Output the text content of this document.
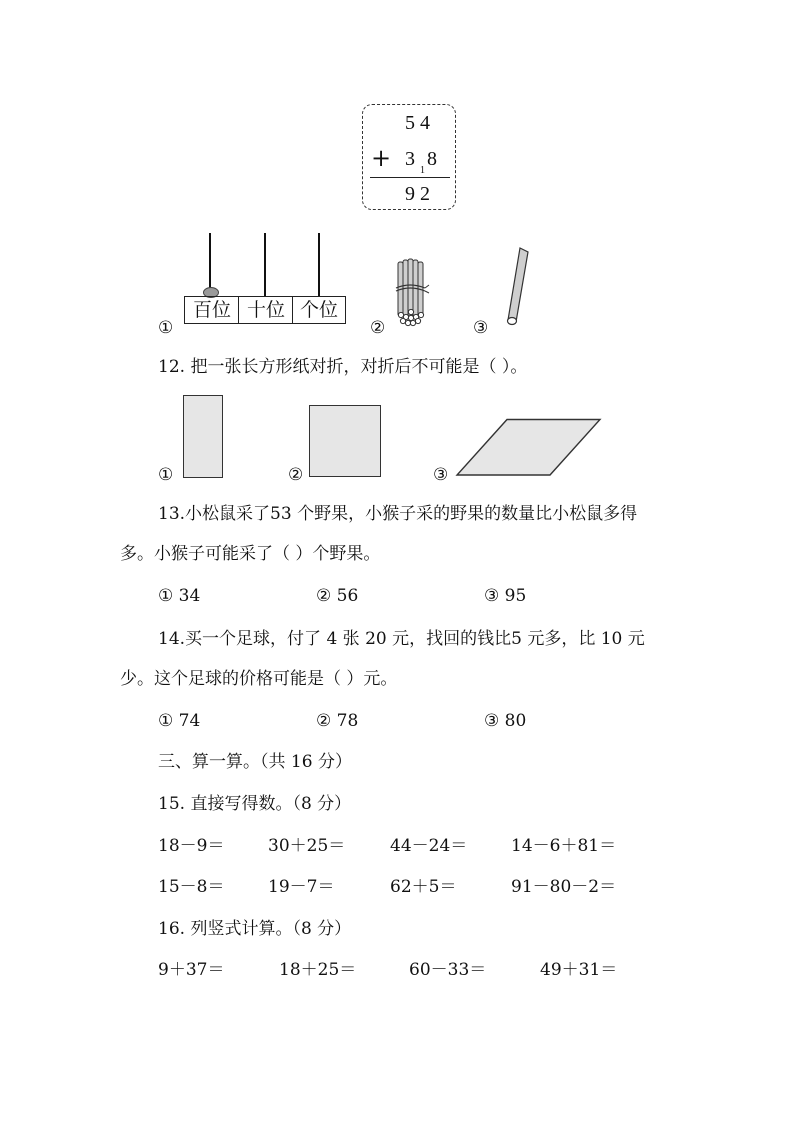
5 4
+ 3
1
8
9 2
①
百位 十位 个位
②	③
12. 把一张长方形纸对折，对折后不可能是（ ）。
①	②	③
13.小松鼠采了53 个野果，小猴子采的野果的数量比小松鼠多得
多。小猴子可能采了（ ）个野果。
① 34	② 56	③ 95
14.买一个足球，付了 4 张 20 元，找回的钱比5 元多，比 10 元
少。这个足球的价格可能是（ ）元。
① 74	② 78	③ 80
三、算一算。（共 16 分）
15. 直接写得数。（8 分）
18－9＝	30＋25＝	44－24＝	14－6＋81＝
15－8＝	19－7＝	62＋5＝	91－80－2＝
16. 列竖式计算。（8 分）
9＋37＝	18＋25＝	60－33＝	49＋31＝
